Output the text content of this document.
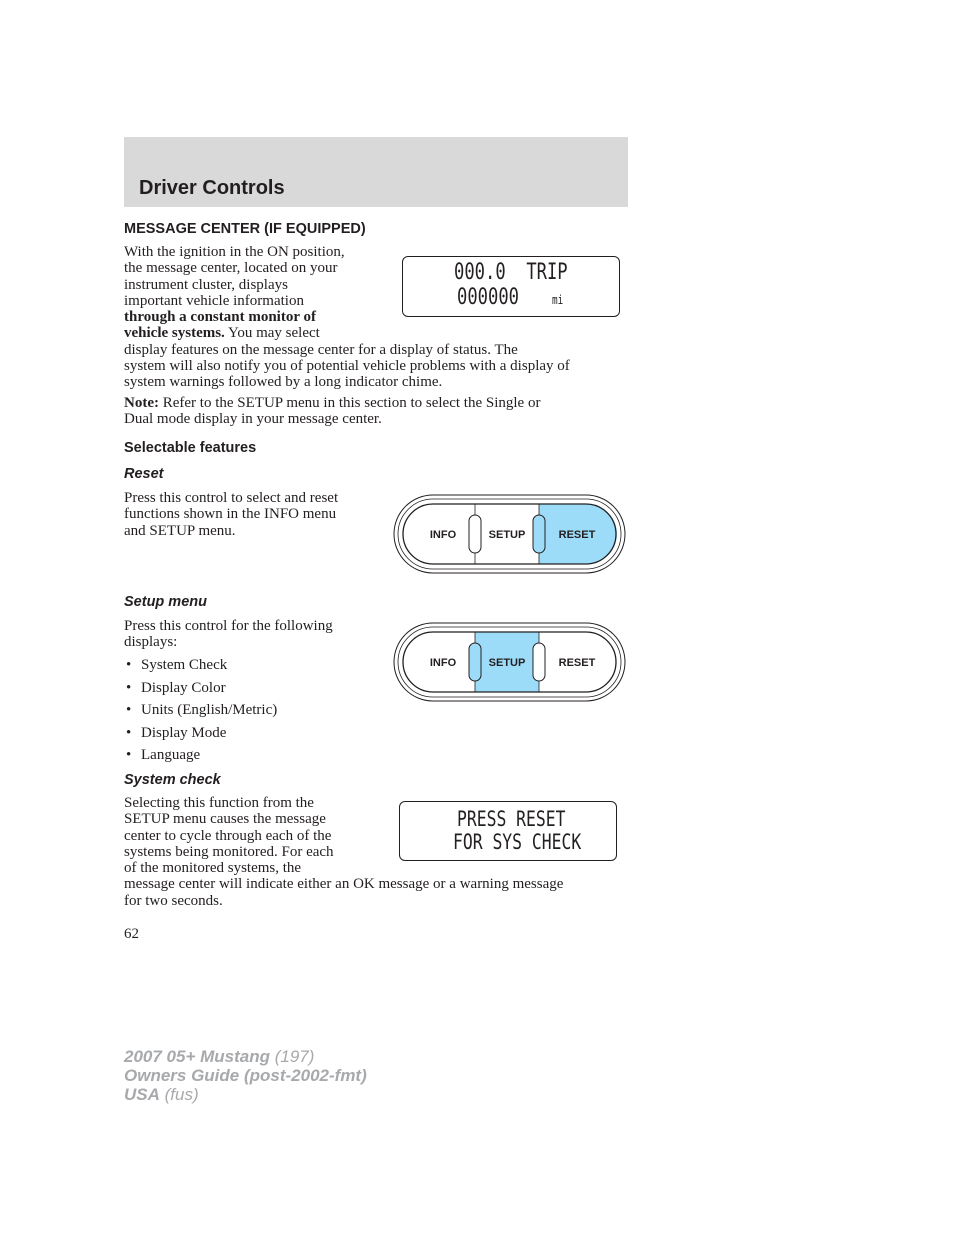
Driver Controls
MESSAGE CENTER (IF EQUIPPED)
With the ignition in the ON position,
the message center, located on your
instrument cluster, displays
important vehicle information
through a constant monitor of
vehicle systems. You may select
display features on the message center for a display of status. The
system will also notify you of potential vehicle problems with a display of
system warnings followed by a long indicator chime.
000.0  TRIP
000000	mi
Note: Refer to the SETUP menu in this section to select the Single or
Dual mode display in your message center.
Selectable features
Reset
Press this control to select and reset
functions shown in the INFO menu
and SETUP menu.	INFO	SETUP	RESET
Setup menu
Press this control for the following
displays:
• System Check
• Display Color
• Units (English/Metric)
• Display Mode
• Language
INFO	SETUP	RESET
System check
Selecting this function from the
SETUP menu causes the message
center to cycle through each of the
systems being monitored. For each
of the monitored systems, the
message center will indicate either an OK message or a warning message
for two seconds.
PRESS RESET
FOR SYS CHECK
62
2007 05+ Mustang (197)
Owners Guide (post-2002-fmt)
USA (fus)
